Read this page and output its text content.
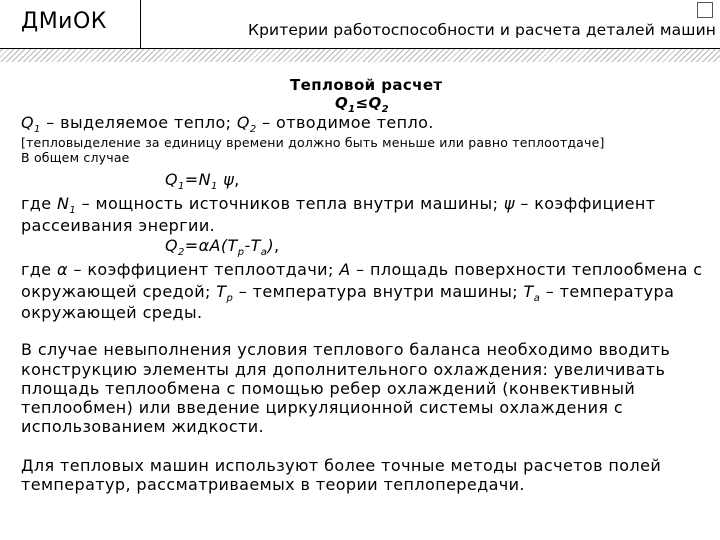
ДМиОК	Критерии работоспособности и расчета деталей машин
Тепловой расчет
$Q_1\le Q_2$
$Q_1$ – выделяемое тепло; $Q_2$ – отводимое тепло.
[тепловыделение за единицу времени должно быть меньше или равно теплоотдаче]
В общем случае
$Q_1=N_1$ ψ,
где $N_1$ – мощность источников тепла внутри машины; ψ – коэффициент
рассеивания энергии.
$Q_2=\alpha A(T_р-T_а)$,
где α – коэффициент теплоотдачи; A – площадь поверхности теплообмена с
окружающей средой; $T_р$ – температура внутри машины; $T_а$ – температура
окружающей среды.
В случае невыполнения условия теплового баланса необходимо вводить
конструкцию элементы для дополнительного охлаждения: увеличивать
площадь теплообмена с помощью ребер охлаждений (конвективный
теплообмен) или введение циркуляционной системы охлаждения с
использованием жидкости.
Для тепловых машин используют более точные методы расчетов полей
температур, рассматриваемых в теории теплопередачи.
